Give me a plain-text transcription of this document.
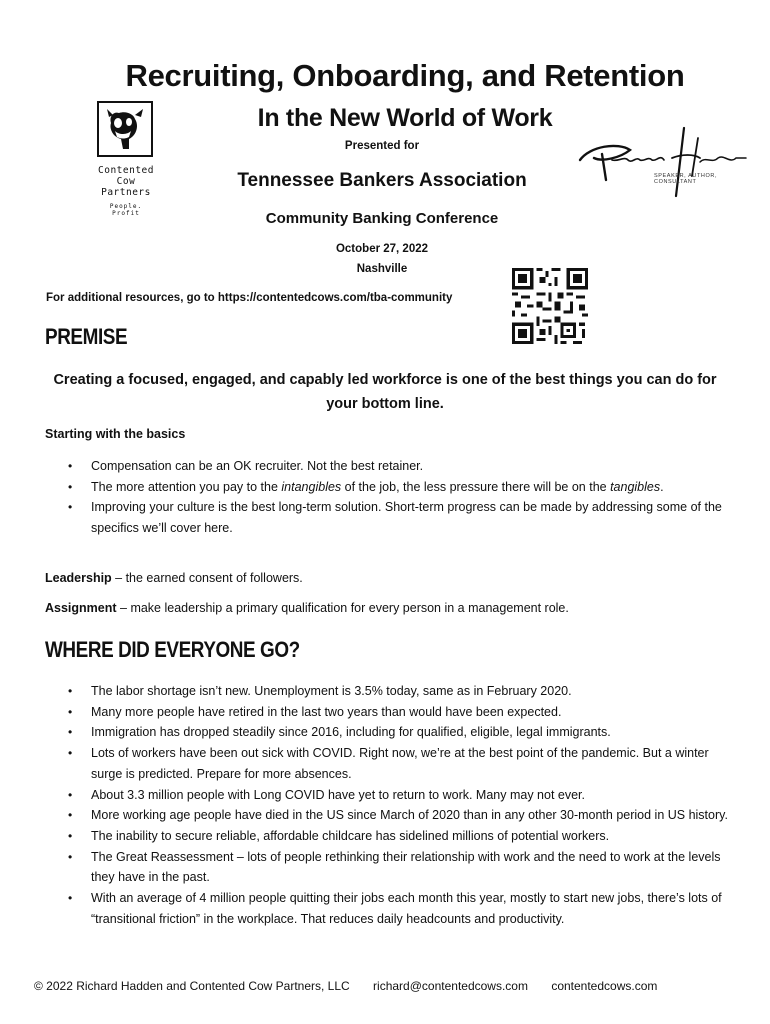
Recruiting, Onboarding, and Retention
In the New World of Work
Contented
Cow
Partners
People. Profit
SPEAKER, AUTHOR, CONSULTANT
Presented for
Tennessee Bankers Association
Community Banking Conference
October 27, 2022
Nashville
For additional resources, go to https://contentedcows.com/tba-community
PREMISE
Creating a focused, engaged, and capably led workforce is one of the best things you can do for your bottom line.
Starting with the basics
• Compensation can be an OK recruiter. Not the best retainer.
• The more attention you pay to the intangibles of the job, the less pressure there will be on the tangibles.
• Improving your culture is the best long-term solution. Short-term progress can be made by addressing some of the specifics we’ll cover here.
Leadership – the earned consent of followers.
Assignment – make leadership a primary qualification for every person in a management role.
WHERE DID EVERYONE GO?
• The labor shortage isn’t new. Unemployment is 3.5% today, same as in February 2020.
• Many more people have retired in the last two years than would have been expected.
• Immigration has dropped steadily since 2016, including for qualified, eligible, legal immigrants.
• Lots of workers have been out sick with COVID. Right now, we’re at the best point of the pandemic. But a winter surge is predicted. Prepare for more absences.
• About 3.3 million people with Long COVID have yet to return to work. Many may not ever.
• More working age people have died in the US since March of 2020 than in any other 30-month period in US history.
• The inability to secure reliable, affordable childcare has sidelined millions of potential workers.
• The Great Reassessment – lots of people rethinking their relationship with work and the need to work at the levels they have in the past.
• With an average of 4 million people quitting their jobs each month this year, mostly to start new jobs, there’s lots of “transitional friction” in the workplace. That reduces daily headcounts and productivity.
© 2022 Richard Hadden and Contented Cow Partners, LLC richard@contentedcows.com contentedcows.com
